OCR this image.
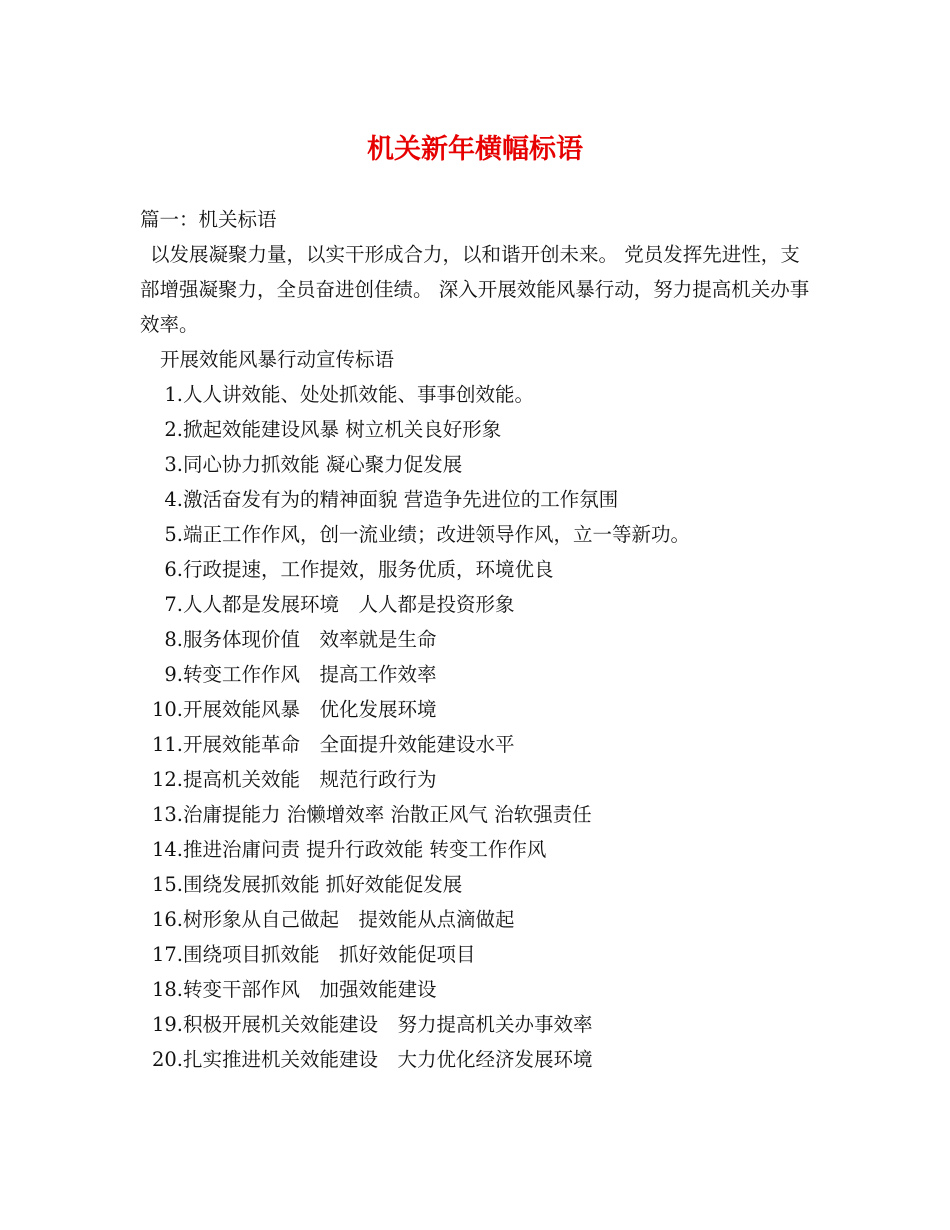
机关新年横幅标语
篇一：机关标语
以发展凝聚力量，以实干形成合力，以和谐开创未来。 党员发挥先进性，支部增强凝聚力，全员奋进创佳绩。 深入开展效能风暴行动，努力提高机关办事效率。
开展效能风暴行动宣传标语
1.人人讲效能、处处抓效能、事事创效能。
2.掀起效能建设风暴 树立机关良好形象
3.同心协力抓效能 凝心聚力促发展
4.激活奋发有为的精神面貌 营造争先进位的工作氛围
5.端正工作作风，创一流业绩；改进领导作风，立一等新功。
6.行政提速，工作提效，服务优质，环境优良
7.人人都是发展环境　人人都是投资形象
8.服务体现价值　效率就是生命
9.转变工作作风　提高工作效率
10.开展效能风暴　优化发展环境
11.开展效能革命　全面提升效能建设水平
12.提高机关效能　规范行政行为
13.治庸提能力 治懒增效率 治散正风气 治软强责任
14.推进治庸问责 提升行政效能 转变工作作风
15.围绕发展抓效能 抓好效能促发展
16.树形象从自己做起　提效能从点滴做起
17.围绕项目抓效能　抓好效能促项目
18.转变干部作风　加强效能建设
19.积极开展机关效能建设　努力提高机关办事效率
20.扎实推进机关效能建设　大力优化经济发展环境
